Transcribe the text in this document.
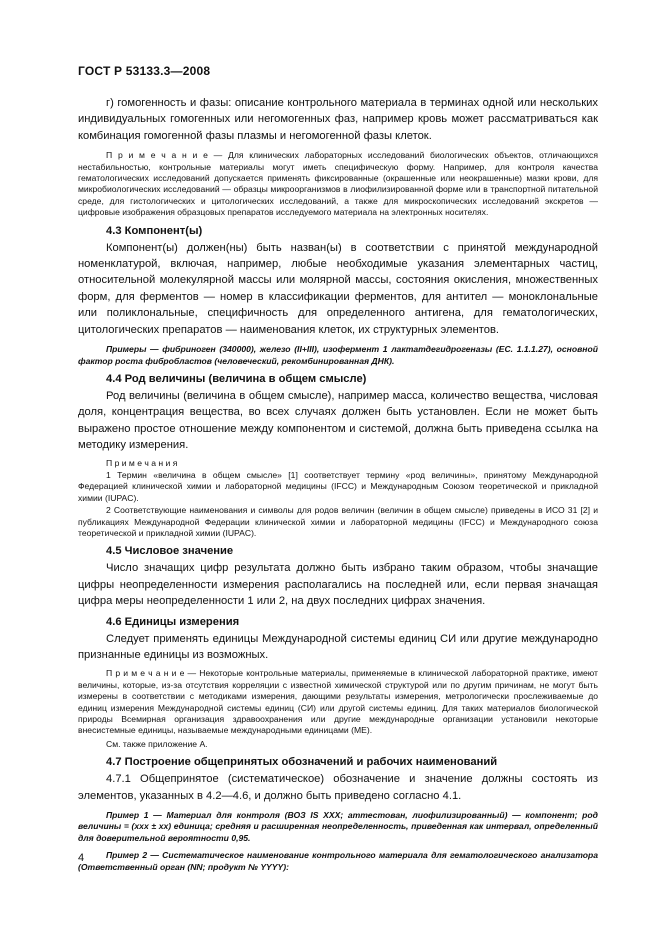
ГОСТ Р 53133.3—2008

г) гомогенность и фазы: описание контрольного материала в терминах одной или нескольких индивидуальных гомогенных или негомогенных фаз, например кровь может рассматриваться как комбинация гомогенной фазы плазмы и негомогенной фазы клеток.

П р и м е ч а н и е — Для клинических лабораторных исследований биологических объектов, отличающихся нестабильностью, контрольные материалы могут иметь специфическую форму. Например, для контроля качества гематологических исследований допускается применять фиксированные (окрашенные или неокрашенные) мазки крови, для микробиологических исследований — образцы микроорганизмов в лиофилизированной форме или в транспортной питательной среде, для гистологических и цитологических исследований, а также для микроскопических исследований экскретов — цифровые изображения образцовых препаратов исследуемого материала на электронных носителях.

4.3 Компонент(ы)

Компонент(ы) должен(ны) быть назван(ы) в соответствии с принятой международной номенклатурой, включая, например, любые необходимые указания элементарных частиц, относительной молекулярной массы или молярной массы, состояния окисления, множественных форм, для ферментов — номер в классификации ферментов, для антител — моноклональные или поликлональные, специфичность для определенного антигена, для гематологических, цитологических препаратов — наименования клеток, их структурных элементов.

Примеры — фибриноген (340000), железо (II+III), изофермент 1 лактатдегидрогеназы (ЕС. 1.1.1.27), основной фактор роста фибробластов (человеческий, рекомбинированная ДНК).

4.4 Род величины (величина в общем смысле)

Род величины (величина в общем смысле), например масса, количество вещества, числовая доля, концентрация вещества, во всех случаях должен быть установлен. Если не может быть выражено простое отношение между компонентом и системой, должна быть приведена ссылка на методику измерения.

П р и м е ч а н и я

1 Термин «величина в общем смысле» [1] соответствует термину «род величины», принятому Международной Федерацией клинической химии и лабораторной медицины (IFCC) и Международным Союзом теоретической и прикладной химии (IUPAC).

2 Соответствующие наименования и символы для родов величин (величин в общем смысле) приведены в ИСО 31 [2] и публикациях Международной Федерации клинической химии и лабораторной медицины (IFCC) и Международного союза теоретической и прикладной химии (IUPAC).

4.5 Числовое значение

Число значащих цифр результата должно быть избрано таким образом, чтобы значащие цифры неопределенности измерения располагались на последней или, если первая значащая цифра меры неопределенности 1 или 2, на двух последних цифрах значения.

4.6 Единицы измерения

Следует применять единицы Международной системы единиц СИ или другие международно признанные единицы из возможных.

П р и м е ч а н и е — Некоторые контрольные материалы, применяемые в клинической лабораторной практике, имеют величины, которые, из-за отсутствия корреляции с известной химической структурой или по другим причинам, не могут быть измерены в соответствии с методиками измерения, дающими результаты измерения, метрологически прослеживаемые до единиц измерения Международной системы единиц (СИ) или другой системы единиц. Для таких материалов биологической природы Всемирная организация здравоохранения или другие международные организации установили некоторые внесистемные единицы, называемые международными единицами (МЕ).

См. также приложение А.

4.7 Построение общепринятых обозначений и рабочих наименований

4.7.1 Общепринятое (систематическое) обозначение и значение должны состоять из элементов, указанных в 4.2—4.6, и должно быть приведено согласно 4.1.

Пример 1 — Материал для контроля (ВОЗ IS XXX; аттестован, лиофилизированный) — компонент; род величины = (xxx ± xx) единица; средняя и расширенная неопределенность, приведенная как интервал, определенный для доверительной вероятности 0,95.

Пример 2 — Систематическое наименование контрольного материала для гематологического анализатора (Ответственный орган (NN; продукт № YYYY):

4
